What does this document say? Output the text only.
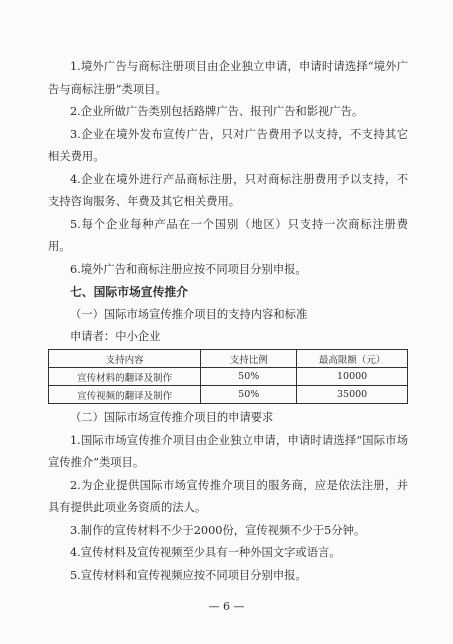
1.境外广告与商标注册项目由企业独立申请，申请时请选择“境外广告与商标注册”类项目。

2.企业所做广告类别包括路牌广告、报刊广告和影视广告。

3.企业在境外发布宣传广告，只对广告费用予以支持，不支持其它相关费用。

4.企业在境外进行产品商标注册，只对商标注册费用予以支持，不支持咨询服务、年费及其它相关费用。

5.每个企业每种产品在一个国别（地区）只支持一次商标注册费用。

6.境外广告和商标注册应按不同项目分别申报。

七、国际市场宣传推介

（一）国际市场宣传推介项目的支持内容和标准

申请者：中小企业

支持内容	支持比例	最高限额（元）
宣传材料的翻译及制作	50%	10000
宣传视频的翻译及制作	50%	35000

（二）国际市场宣传推介项目的申请要求

1.国际市场宣传推介项目由企业独立申请，申请时请选择“国际市场宣传推介”类项目。

2.为企业提供国际市场宣传推介项目的服务商，应是依法注册，并具有提供此项业务资质的法人。

3.制作的宣传材料不少于2000份，宣传视频不少于5分钟。

4.宣传材料及宣传视频至少具有一种外国文字或语言。

5.宣传材料和宣传视频应按不同项目分别申报。

— 6 —
